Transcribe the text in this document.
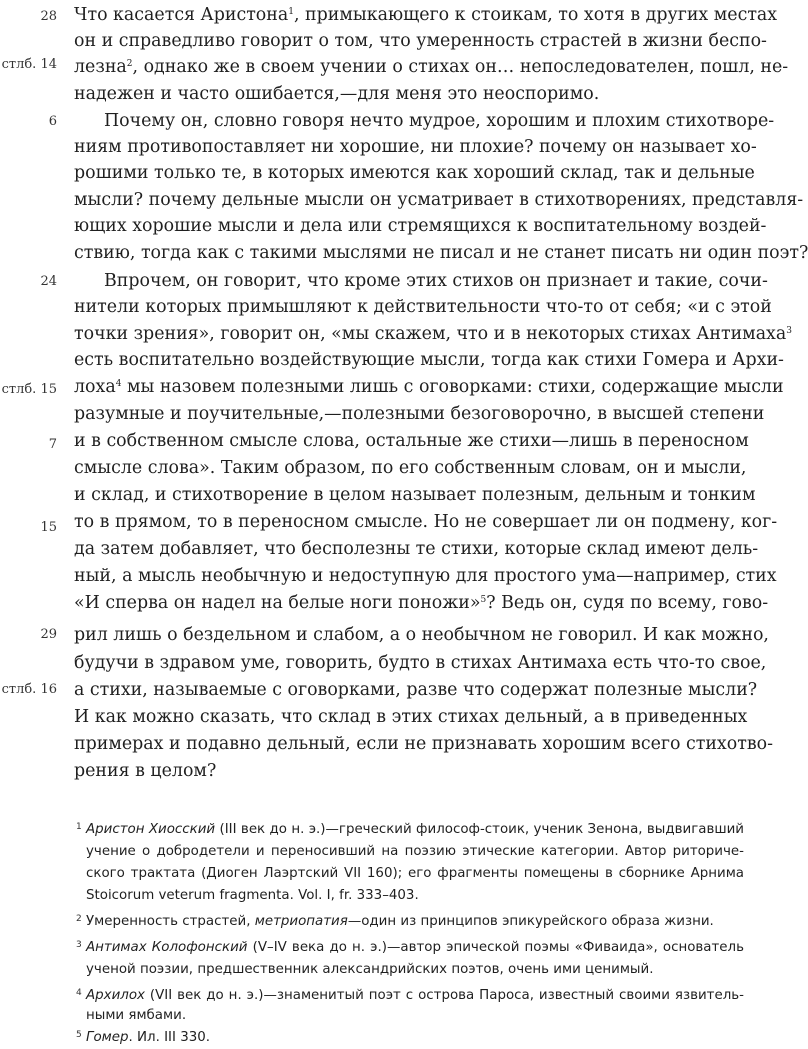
28
стлб. 14
6
24
стлб. 15
7
15
29
стлб. 16
Что касается Аристона$^1$, примыкающего к стоикам, то хотя в других местах
он и справедливо говорит о том, что умеренность страстей в жизни беспо-
лезна$^2$, однако же в своем учении о стихах он… непоследователен, пошл, не-
надежен и часто ошибается,—для меня это неоспоримо.
Почему он, словно говоря нечто мудрое, хорошим и плохим стихотворе-
ниям противопоставляет ни хорошие, ни плохие? почему он называет хо-
рошими только те, в которых имеются как хороший склад, так и дельные
мысли? почему дельные мысли он усматривает в стихотворениях, представля-
ющих хорошие мысли и дела или стремящихся к воспитательному воздей-
ствию, тогда как с такими мыслями не писал и не станет писать ни один поэт?
Впрочем, он говорит, что кроме этих стихов он признает и такие, сочи-
нители которых примышляют к действительности что-то от себя; «и с этой
точки зрения», говорит он, «мы скажем, что и в некоторых стихах Антимаха$^3$
есть воспитательно воздействующие мысли, тогда как стихи Гомера и Архи-
лоха$^4$ мы назовем полезными лишь с оговорками: стихи, содержащие мысли
разумные и поучительные,—полезными безоговорочно, в высшей степени
и в собственном смысле слова, остальные же стихи—лишь в переносном
смысле слова». Таким образом, по его собственным словам, он и мысли,
и склад, и стихотворение в целом называет полезным, дельным и тонким
то в прямом, то в переносном смысле. Но не совершает ли он подмену, ког-
да затем добавляет, что бесполезны те стихи, которые склад имеют дель-
ный, а мысль необычную и недоступную для простого ума—например, стих
«И сперва он надел на белые ноги поножи»$^5$? Ведь он, судя по всему, гово-
рил лишь о бездельном и слабом, а о необычном не говорил. И как можно,
будучи в здравом уме, говорить, будто в стихах Антимаха есть что-то свое,
а стихи, называемые с оговорками, разве что содержат полезные мысли?
И как можно сказать, что склад в этих стихах дельный, а в приведенных
примерах и подавно дельный, если не признавать хорошим всего стихотво-
рения в целом?
1 Аристон Хиосский (III век до н. э.)—греческий философ-стоик, ученик Зенона, выдвигавший
учение о добродетели и переносивший на поэзию этические категории. Автор риториче-
ского трактата (Диоген Лаэртский VII 160); его фрагменты помещены в сборнике Арнима
Stoicorum veterum fragmenta. Vol. I, fr. 333–403.
2 Умеренность страстей, метриопатия—один из принципов эпикурейского образа жизни.
3 Антимах Колофонский (V–IV века до н. э.)—автор эпической поэмы «Фиваида», основатель
ученой поэзии, предшественник александрийских поэтов, очень ими ценимый.
4 Архилох (VII век до н. э.)—знаменитый поэт с острова Пароса, известный своими язвитель-
ными ямбами.
5 Гомер. Ил. III 330.
